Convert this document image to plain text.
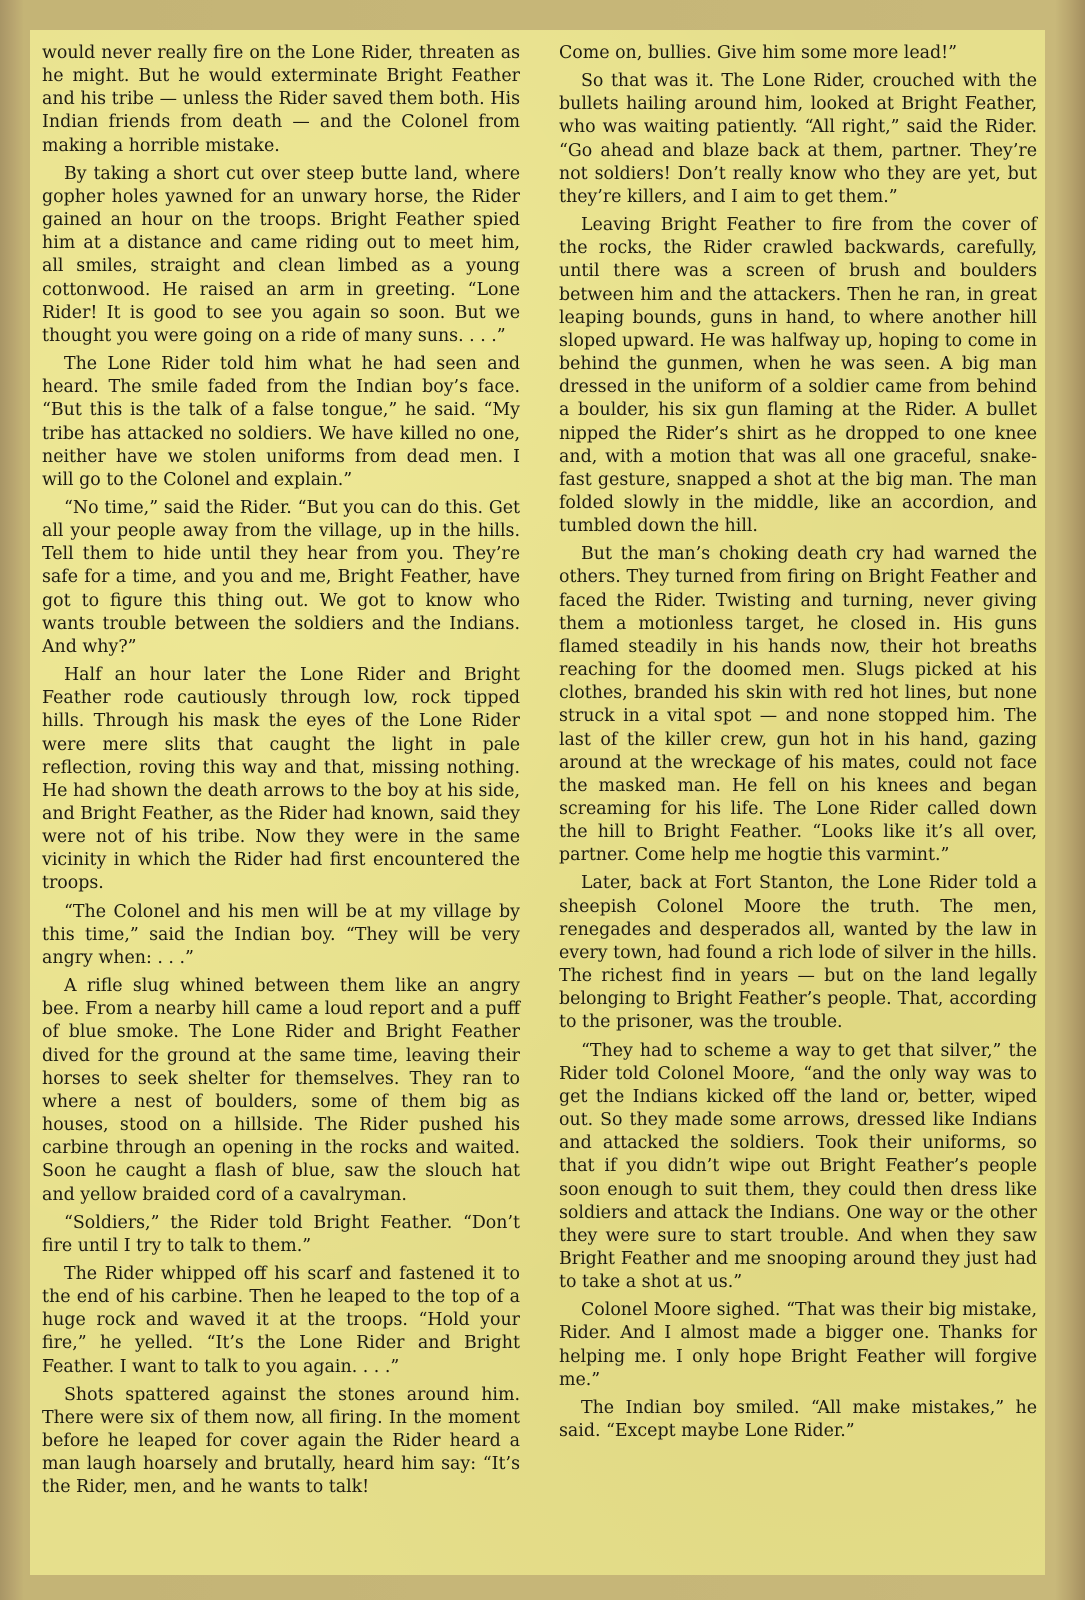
would never really fire on the Lone Rider, threaten as he might. But he would exterminate Bright Feather and his tribe — unless the Rider saved them both. His Indian friends from death — and the Colonel from making a horrible mistake.

By taking a short cut over steep butte land, where gopher holes yawned for an unwary horse, the Rider gained an hour on the troops. Bright Feather spied him at a distance and came riding out to meet him, all smiles, straight and clean limbed as a young cottonwood. He raised an arm in greeting. “Lone Rider! It is good to see you again so soon. But we thought you were going on a ride of many suns. . . .”

The Lone Rider told him what he had seen and heard. The smile faded from the Indian boy’s face. “But this is the talk of a false tongue,” he said. “My tribe has attacked no soldiers. We have killed no one, neither have we stolen uniforms from dead men. I will go to the Colonel and explain.”

“No time,” said the Rider. “But you can do this. Get all your people away from the village, up in the hills. Tell them to hide until they hear from you. They’re safe for a time, and you and me, Bright Feather, have got to figure this thing out. We got to know who wants trouble between the soldiers and the Indians. And why?”

Half an hour later the Lone Rider and Bright Feather rode cautiously through low, rock tipped hills. Through his mask the eyes of the Lone Rider were mere slits that caught the light in pale reflection, roving this way and that, missing nothing. He had shown the death arrows to the boy at his side, and Bright Feather, as the Rider had known, said they were not of his tribe. Now they were in the same vicinity in which the Rider had first encountered the troops.

“The Colonel and his men will be at my village by this time,” said the Indian boy. “They will be very angry when: . . .”

A rifle slug whined between them like an angry bee. From a nearby hill came a loud report and a puff of blue smoke. The Lone Rider and Bright Feather dived for the ground at the same time, leaving their horses to seek shelter for themselves. They ran to where a nest of boulders, some of them big as houses, stood on a hillside. The Rider pushed his carbine through an opening in the rocks and waited. Soon he caught a flash of blue, saw the slouch hat and yellow braided cord of a cavalryman.

“Soldiers,” the Rider told Bright Feather. “Don’t fire until I try to talk to them.”

The Rider whipped off his scarf and fastened it to the end of his carbine. Then he leaped to the top of a huge rock and waved it at the troops. “Hold your fire,” he yelled. “It’s the Lone Rider and Bright Feather. I want to talk to you again. . . .”

Shots spattered against the stones around him. There were six of them now, all firing. In the moment before he leaped for cover again the Rider heard a man laugh hoarsely and brutally, heard him say: “It’s the Rider, men, and he wants to talk!

Come on, bullies. Give him some more lead!”

So that was it. The Lone Rider, crouched with the bullets hailing around him, looked at Bright Feather, who was waiting patiently. “All right,” said the Rider. “Go ahead and blaze back at them, partner. They’re not soldiers! Don’t really know who they are yet, but they’re killers, and I aim to get them.”

Leaving Bright Feather to fire from the cover of the rocks, the Rider crawled backwards, carefully, until there was a screen of brush and boulders between him and the attackers. Then he ran, in great leaping bounds, guns in hand, to where another hill sloped upward. He was halfway up, hoping to come in behind the gunmen, when he was seen. A big man dressed in the uniform of a soldier came from behind a boulder, his six gun flaming at the Rider. A bullet nipped the Rider’s shirt as he dropped to one knee and, with a motion that was all one graceful, snake-fast gesture, snapped a shot at the big man. The man folded slowly in the middle, like an accordion, and tumbled down the hill.

But the man’s choking death cry had warned the others. They turned from firing on Bright Feather and faced the Rider. Twisting and turning, never giving them a motionless target, he closed in. His guns flamed steadily in his hands now, their hot breaths reaching for the doomed men. Slugs picked at his clothes, branded his skin with red hot lines, but none struck in a vital spot — and none stopped him. The last of the killer crew, gun hot in his hand, gazing around at the wreckage of his mates, could not face the masked man. He fell on his knees and began screaming for his life. The Lone Rider called down the hill to Bright Feather. “Looks like it’s all over, partner. Come help me hogtie this varmint.”

Later, back at Fort Stanton, the Lone Rider told a sheepish Colonel Moore the truth. The men, renegades and desperados all, wanted by the law in every town, had found a rich lode of silver in the hills. The richest find in years — but on the land legally belonging to Bright Feather’s people. That, according to the prisoner, was the trouble.

“They had to scheme a way to get that silver,” the Rider told Colonel Moore, “and the only way was to get the Indians kicked off the land or, better, wiped out. So they made some arrows, dressed like Indians and attacked the soldiers. Took their uniforms, so that if you didn’t wipe out Bright Feather’s people soon enough to suit them, they could then dress like soldiers and attack the Indians. One way or the other they were sure to start trouble. And when they saw Bright Feather and me snooping around they just had to take a shot at us.”

Colonel Moore sighed. “That was their big mistake, Rider. And I almost made a bigger one. Thanks for helping me. I only hope Bright Feather will forgive me.”

The Indian boy smiled. “All make mistakes,” he said. “Except maybe Lone Rider.”
